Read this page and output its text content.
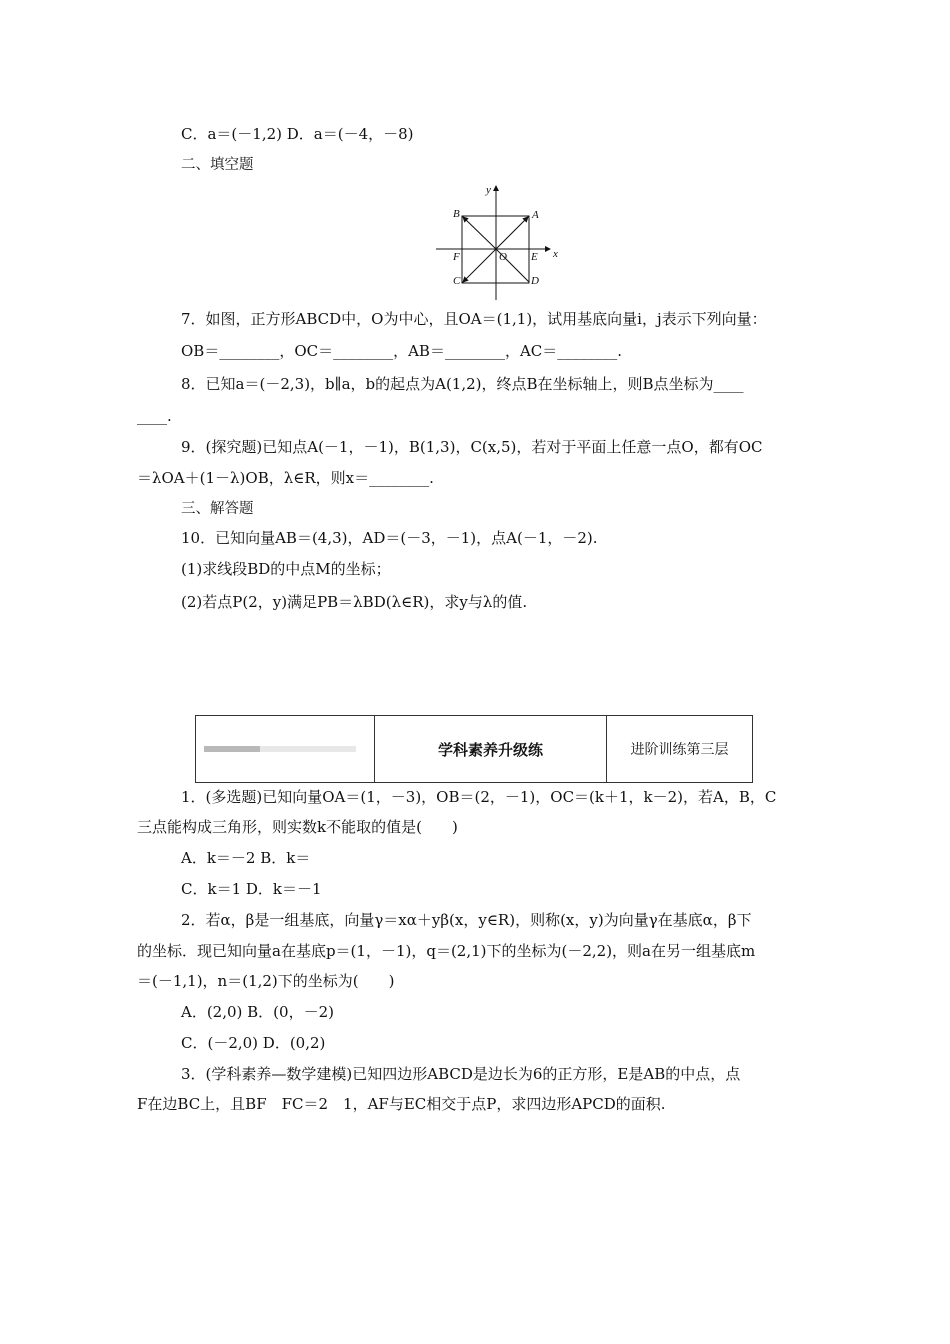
C．a＝(－1,2) D．a＝(－4，－8)
二、填空题
y
x
B	A
F	O E
C	D
7．如图，正方形ABCD中，O为中心，且OA＝(1,1)，试用基底向量i，j表示下列向量：
OB＝________，OC＝________，AB＝________，AC＝________.
8．已知a＝(－2,3)，b∥a，b的起点为A(1,2)，终点B在坐标轴上，则B点坐标为____
____.
9．(探究题)已知点A(－1，－1)，B(1,3)，C(x,5)，若对于平面上任意一点O，都有OC
＝λOA＋(1－λ)OB，λ∈R，则x＝________.
三、解答题
10．已知向量AB＝(4,3)，AD＝(－3，－1)，点A(－1，－2).
(1)求线段BD的中点M的坐标；
(2)若点P(2，y)满足PB＝λBD(λ∈R)，求y与λ的值.
学科素养升级练	进阶训练第三层
1．(多选题)已知向量OA＝(1，－3)，OB＝(2，－1)，OC＝(k＋1，k－2)，若A，B，C
三点能构成三角形，则实数k不能取的值是(　　)
A．k＝－2 B．k＝
C．k＝1 D．k＝－1
2．若α，β是一组基底，向量γ＝xα＋yβ(x，y∈R)，则称(x，y)为向量γ在基底α，β下
的坐标．现已知向量a在基底p＝(1，－1)，q＝(2,1)下的坐标为(－2,2)，则a在另一组基底m
＝(－1,1)，n＝(1,2)下的坐标为(　　)
A．(2,0) B．(0，－2)
C．(－2,0) D．(0,2)
3．(学科素养—数学建模)已知四边形ABCD是边长为6的正方形，E是AB的中点，点
F在边BC上，且BF　FC＝2　1，AF与EC相交于点P，求四边形APCD的面积.
